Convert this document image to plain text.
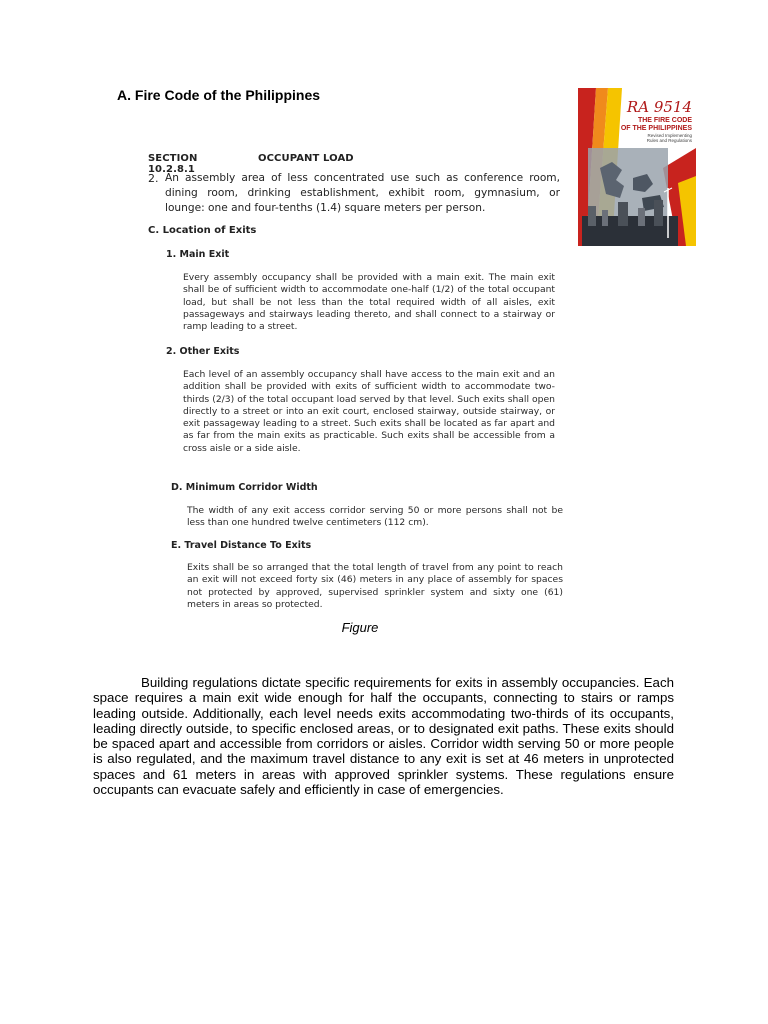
A. Fire Code of the Philippines
RA 9514
THE FIRE CODE
OF THE PHILIPPINES
Revised Implementing Rules and Regulations
SECTION 10.2.8.1
OCCUPANT LOAD
2. An assembly area of less concentrated use such as conference room, dining room, drinking establishment, exhibit room, gymnasium, or lounge: one and four-tenths (1.4) square meters per person.
C. Location of Exits
1. Main Exit
Every assembly occupancy shall be provided with a main exit. The main exit shall be of sufficient width to accommodate one-half (1/2) of the total occupant load, but shall be not less than the total required width of all aisles, exit passageways and stairways leading thereto, and shall connect to a stairway or ramp leading to a street.
2. Other Exits
Each level of an assembly occupancy shall have access to the main exit and an addition shall be provided with exits of sufficient width to accommodate two-thirds (2/3) of the total occupant load served by that level. Such exits shall open directly to a street or into an exit court, enclosed stairway, outside stairway, or exit passageway leading to a street. Such exits shall be located as far apart and as far from the main exits as practicable. Such exits shall be accessible from a cross aisle or a side aisle.
D. Minimum Corridor Width
The width of any exit access corridor serving 50 or more persons shall not be less than one hundred twelve centimeters (112 cm).
E. Travel Distance To Exits
Exits shall be so arranged that the total length of travel from any point to reach an exit will not exceed forty six (46) meters in any place of assembly for spaces not protected by approved, supervised sprinkler system and sixty one (61) meters in areas so protected.
Figure
Building regulations dictate specific requirements for exits in assembly occupancies. Each space requires a main exit wide enough for half the occupants, connecting to stairs or ramps leading outside. Additionally, each level needs exits accommodating two-thirds of its occupants, leading directly outside, to specific enclosed areas, or to designated exit paths. These exits should be spaced apart and accessible from corridors or aisles. Corridor width serving 50 or more people is also regulated, and the maximum travel distance to any exit is set at 46 meters in unprotected spaces and 61 meters in areas with approved sprinkler systems. These regulations ensure occupants can evacuate safely and efficiently in case of emergencies.
